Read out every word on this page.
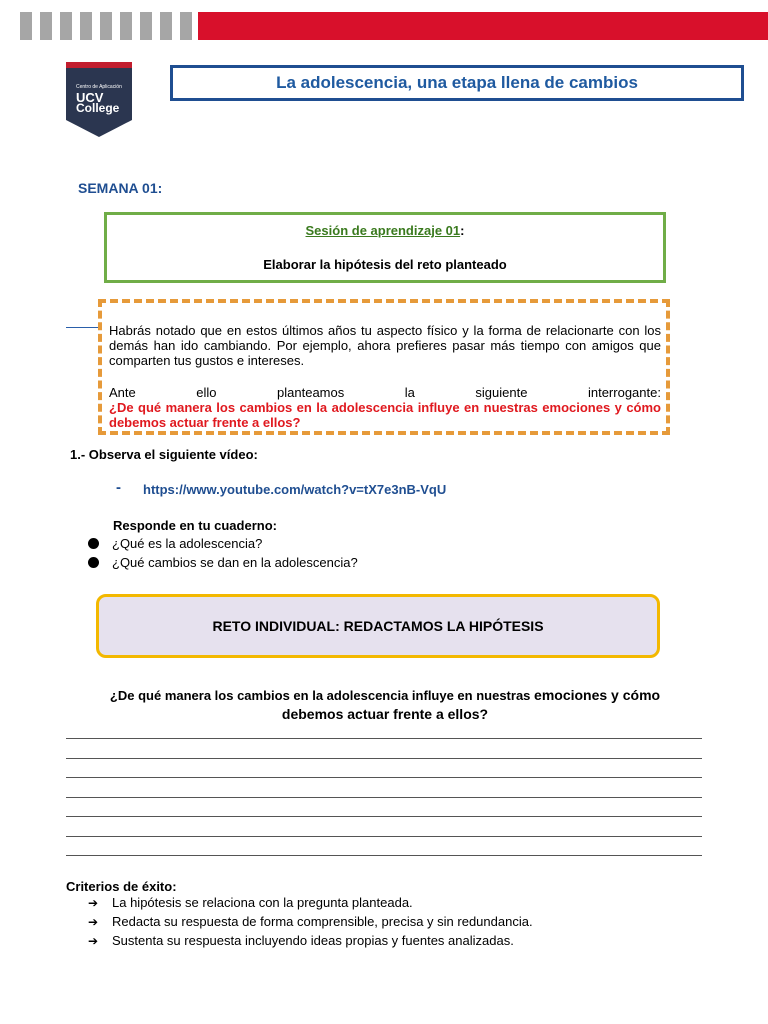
Centro de Aplicación
UCV
College
La adolescencia, una etapa llena de cambios
SEMANA 01:
Sesión de aprendizaje 01:
Elaborar la hipótesis del reto planteado

Habrás notado que en estos últimos años tu aspecto físico y la forma de relacionarte con los demás han ido cambiando. Por ejemplo, ahora prefieres pasar más tiempo con amigos que comparten tus gustos e intereses.

Ante	ello	planteamos	la	siguiente	interrogante:

¿De qué manera los cambios en la adolescencia influye en nuestras emociones y cómo debemos actuar frente a ellos?

1.- Observa el siguiente vídeo:
- https://www.youtube.com/watch?v=tX7e3nB-VqU
Responde en tu cuaderno:
¿Qué es la adolescencia?
¿Qué cambios se dan en la adolescencia?
RETO INDIVIDUAL: REDACTAMOS LA HIPÓTESIS
¿De qué manera los cambios en la adolescencia influye en nuestras emociones y cómo
debemos actuar frente a ellos?
Criterios de éxito:
➔	La hipótesis se relaciona con la pregunta planteada.
➔	Redacta su respuesta de forma comprensible, precisa y sin redundancia.
➔	Sustenta su respuesta incluyendo ideas propias y fuentes analizadas.
